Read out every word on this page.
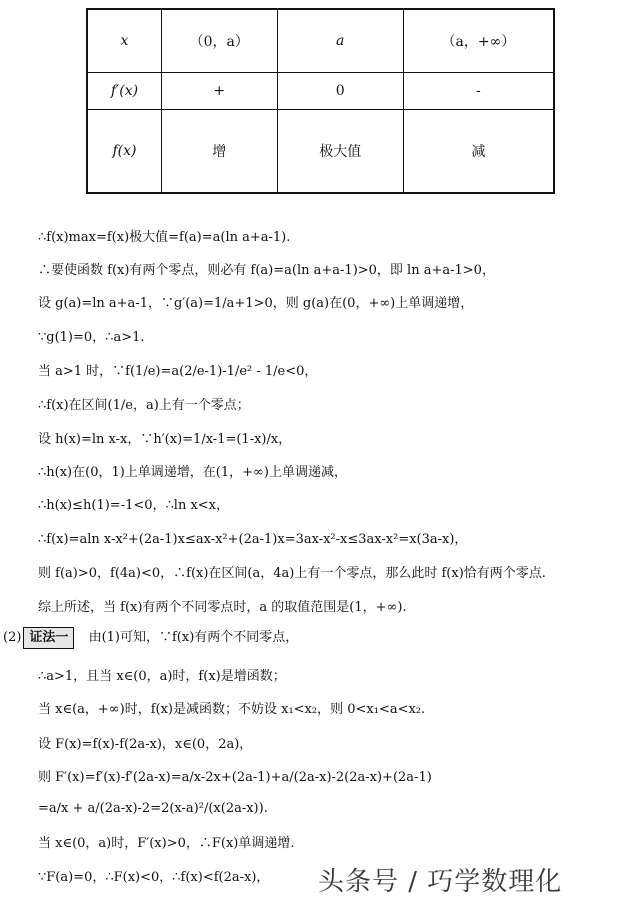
x	（0，a）	a	（a，+∞）
f′(x)	+	0	-
f(x)	增	极大值	减
∴f(x)max=f(x)极大值=f(a)=a(ln a+a-1).
∴要使函数 f(x)有两个零点，则必有 f(a)=a(ln a+a-1)>0，即 ln a+a-1>0，
设 g(a)=ln a+a-1，∵g′(a)=1/a+1>0，则 g(a)在(0，+∞)上单调递增，
∵g(1)=0，∴a>1.
当 a>1 时，∵f(1/e)=a(2/e-1)-1/e² - 1/e<0，
∴f(x)在区间(1/e，a)上有一个零点；
设 h(x)=ln x-x，∵h′(x)=1/x-1=(1-x)/x，
∴h(x)在(0，1)上单调递增，在(1，+∞)上单调递减，
∴h(x)≤h(1)=-1<0，∴ln x<x，
∴f(x)=aln x-x²+(2a-1)x≤ax-x²+(2a-1)x=3ax-x²-x≤3ax-x²=x(3a-x)，
则 f(a)>0，f(4a)<0，∴f(x)在区间(a，4a)上有一个零点，那么此时 f(x)恰有两个零点.
综上所述，当 f(x)有两个不同零点时，a 的取值范围是(1，+∞).
(2) 证法一 由(1)可知，∵f(x)有两个不同零点，
∴a>1，且当 x∈(0，a)时，f(x)是增函数；
当 x∈(a，+∞)时，f(x)是减函数；不妨设 x₁<x₂，则 0<x₁<a<x₂.
设 F(x)=f(x)-f(2a-x)，x∈(0，2a)，
则 F′(x)=f′(x)-f′(2a-x)=a/x-2x+(2a-1)+a/(2a-x)-2(2a-x)+(2a-1)
=a/x + a/(2a-x)-2=2(x-a)²/(x(2a-x)).
当 x∈(0，a)时，F′(x)>0，∴F(x)单调递增.
∵F(a)=0，∴F(x)<0，∴f(x)<f(2a-x)， 头条号 / 巧学数理化
